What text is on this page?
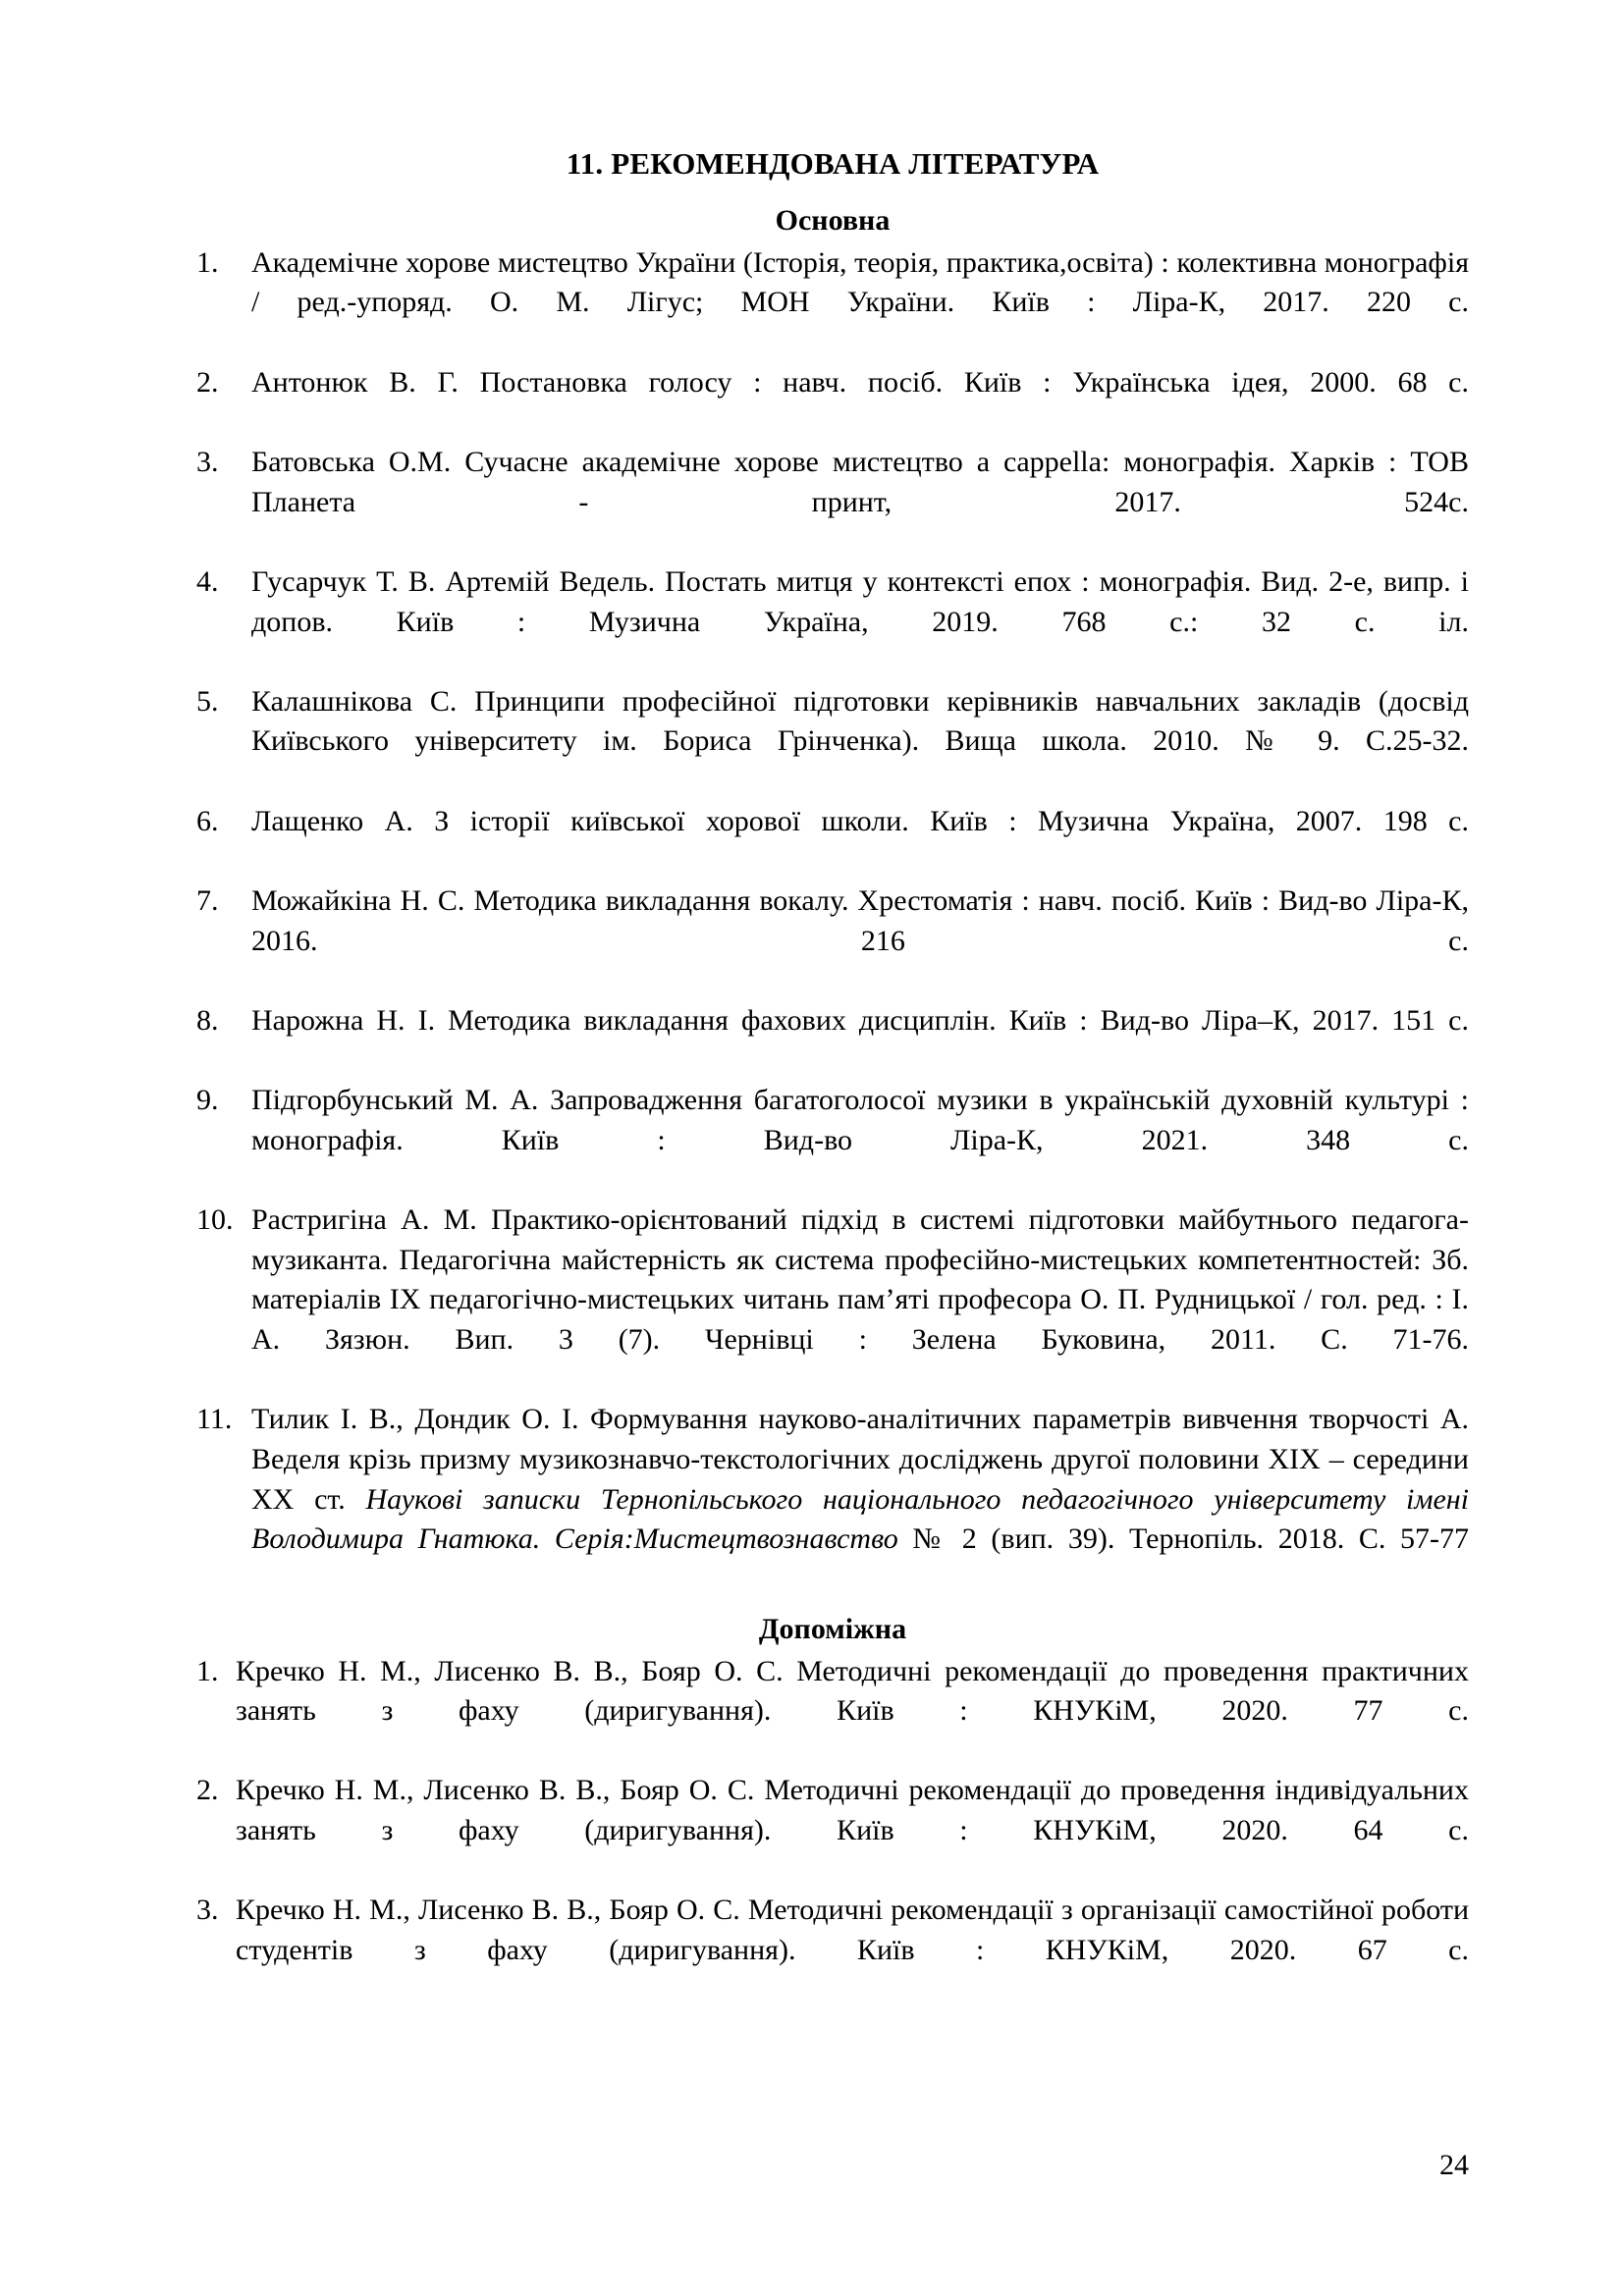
11. РЕКОМЕНДОВАНА ЛІТЕРАТУРА
Основна
1.	Академічне хорове мистецтво України (Історія, теорія, практика,освіта) : колективна монографія / ред.-упоряд. О. М. Лігус; МОН України. Київ : Ліра-К, 2017. 220 с.
2.	Антонюк В. Г. Постановка голосу : навч. посіб. Київ : Українська ідея, 2000. 68 с.
3.	Батовська О.М. Сучасне академічне хорове мистецтво a cappella: монографія. Харків : ТОВ Планета - принт, 2017. 524с.
4.	Гусарчук Т. В. Артемій Ведель. Постать митця у контексті епох : монографія. Вид. 2-е, випр. і допов. Київ : Музична Україна, 2019. 768 с.: 32 с. іл.
5.	Калашнікова С. Принципи професійної підготовки керівників навчальних закладів (досвід Київського університету ім. Бориса Грінченка). Вища школа. 2010. № 9. С.25-32.
6.	Лащенко А. З історії київської хорової школи. Київ : Музична Україна, 2007. 198 с.
7.	Можайкіна Н. С. Методика викладання вокалу. Хрестоматія : навч. посіб. Київ : Вид-во Ліра-К, 2016. 216 с.
8.	Нарожна Н. І. Методика викладання фахових дисциплін. Київ : Вид-во Ліра–К, 2017. 151 с.
9.	Підгорбунський М. А. Запровадження багатоголосої музики в українській духовній культурі : монографія. Київ : Вид-во Ліра-К, 2021. 348 с.
10. Растригіна А. М. Практико-орієнтований підхід в системі підготовки майбутнього педагога-музиканта. Педагогічна майстерність як система професійно-мистецьких компетентностей: Зб. матеріалів ІХ педагогічно-мистецьких читань пам’яті професора О. П. Рудницької / гол. ред. : І. А. Зязюн. Вип. 3 (7). Чернівці : Зелена Буковина, 2011. С. 71-76.
11. Тилик І. В., Дондик О. І. Формування науково-аналітичних параметрів вивчення творчості А. Веделя крізь призму музикознавчо-текстологічних досліджень другої половини ХІХ – середини ХХ ст. Наукові записки Тернопільського національного педагогічного університету імені Володимира Гнатюка. Серія:Мистецтвознавство № 2 (вип. 39). Тернопіль. 2018. С. 57-77
Допоміжна
1. Кречко Н. М., Лисенко В. В., Бояр О. С. Методичні рекомендації до проведення практичних занять з фаху (диригування). Київ : КНУКіМ, 2020. 77 с.
2. Кречко Н. М., Лисенко В. В., Бояр О. С. Методичні рекомендації до проведення індивідуальних занять з фаху (диригування). Київ : КНУКіМ, 2020. 64 с.
3. Кречко Н. М., Лисенко В. В., Бояр О. С. Методичні рекомендації з організації самостійної роботи студентів з фаху (диригування). Київ : КНУКіМ, 2020. 67 с.
24
